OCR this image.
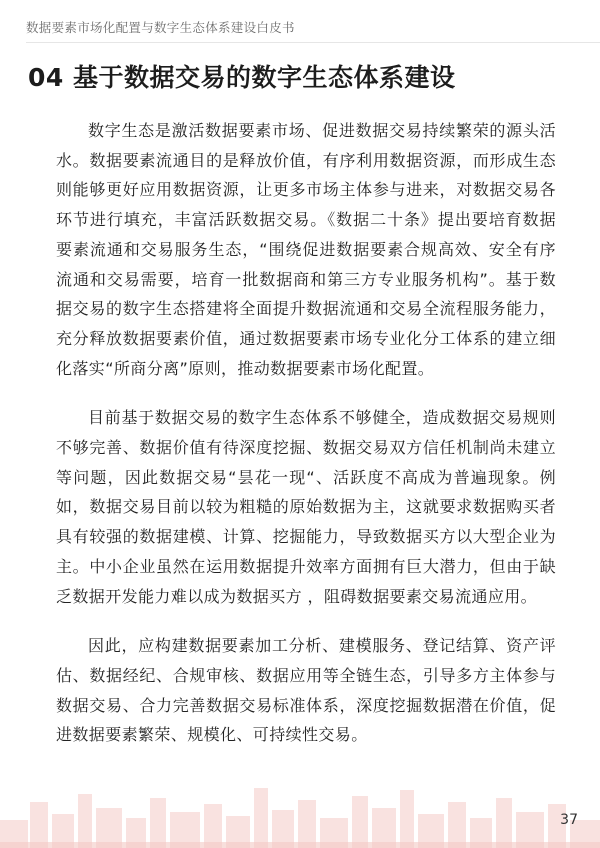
数据要素市场化配置与数字生态体系建设白皮书
04 基于数据交易的数字生态体系建设

数字生态是激活数据要素市场、促进数据交易持续繁荣的源头活水。数据要素流通目的是释放价值，有序利用数据资源，而形成生态则能够更好应用数据资源，让更多市场主体参与进来，对数据交易各环节进行填充，丰富活跃数据交易。《数据二十条》提出要培育数据要素流通和交易服务生态，“围绕促进数据要素合规高效、安全有序流通和交易需要，培育一批数据商和第三方专业服务机构”。基于数据交易的数字生态搭建将全面提升数据流通和交易全流程服务能力，充分释放数据要素价值，通过数据要素市场专业化分工体系的建立细化落实“所商分离”原则，推动数据要素市场化配置。

目前基于数据交易的数字生态体系不够健全，造成数据交易规则不够完善、数据价值有待深度挖掘、数据交易双方信任机制尚未建立等问题，因此数据交易“昙花一现“、活跃度不高成为普遍现象。例如，数据交易目前以较为粗糙的原始数据为主，这就要求数据购买者具有较强的数据建模、计算、挖掘能力，导致数据买方以大型企业为主。中小企业虽然在运用数据提升效率方面拥有巨大潜力，但由于缺乏数据开发能力难以成为数据买方 ，阻碍数据要素交易流通应用。

因此，应构建数据要素加工分析、建模服务、登记结算、资产评估、数据经纪、合规审核、数据应用等全链生态，引导多方主体参与数据交易、合力完善数据交易标准体系，深度挖掘数据潜在价值，促进数据要素繁荣、规模化、可持续性交易。

37
